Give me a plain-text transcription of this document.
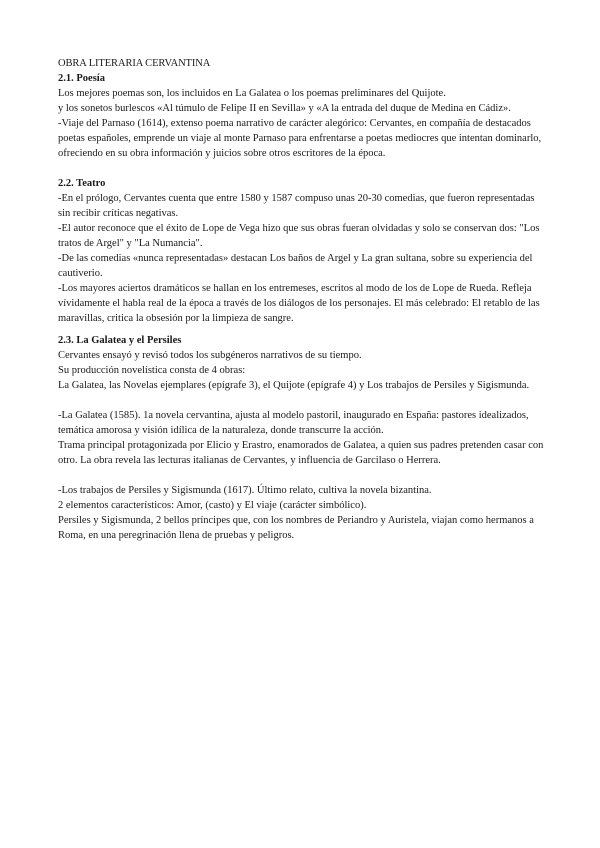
OBRA LITERARIA CERVANTINA

2.1. Poesía

Los mejores poemas son, los incluidos en La Galatea o los poemas preliminares del Quijote.

y los sonetos burlescos «Al túmulo de Felipe II en Sevilla» y «A la entrada del duque de Medina en Cádiz».

-Viaje del Parnaso (1614), extenso poema narrativo de carácter alegórico: Cervantes, en compañía de destacados poetas españoles, emprende un viaje al monte Parnaso para enfrentarse a poetas mediocres que intentan dominarlo, ofreciendo en su obra información y juicios sobre otros escritores de la época.

2.2. Teatro

-En el prólogo, Cervantes cuenta que entre 1580 y 1587 compuso unas 20-30 comedias, que fueron representadas sin recibir críticas negativas.

-El autor reconoce que el éxito de Lope de Vega hizo que sus obras fueran olvidadas y solo se conservan dos: "Los tratos de Argel" y "La Numancia".

-De las comedias «nunca representadas» destacan Los baños de Argel y La gran sultana, sobre su experiencia del cautiverio.

-Los mayores aciertos dramáticos se hallan en los entremeses, escritos al modo de los de Lope de Rueda. Refleja vívidamente el habla real de la época a través de los diálogos de los personajes. El más celebrado: El retablo de las maravillas, critica la obsesión por la limpieza de sangre.

2.3. La Galatea y el Persiles

Cervantes ensayó y revisó todos los subgéneros narrativos de su tiempo.

Su producción novelística consta de 4 obras:

La Galatea, las Novelas ejemplares (epígrafe 3), el Quijote (epígrafe 4) y Los trabajos de Persiles y Sigismunda.

-La Galatea (1585). 1a novela cervantina, ajusta al modelo pastoril, inaugurado en España: pastores idealizados, temática amorosa y visión idílica de la naturaleza, donde transcurre la acción.

Trama principal protagonizada por Elicio y Erastro, enamorados de Galatea, a quien sus padres pretenden casar con otro. La obra revela las lecturas italianas de Cervantes, y influencia de Garcilaso o Herrera.

-Los trabajos de Persiles y Sigismunda (1617). Último relato, cultiva la novela bizantina.

2 elementos característicos: Amor, (casto) y El viaje (carácter simbólico).

Persiles y Sigismunda, 2 bellos príncipes que, con los nombres de Periandro y Auristela, viajan como hermanos a Roma, en una peregrinación llena de pruebas y peligros.
